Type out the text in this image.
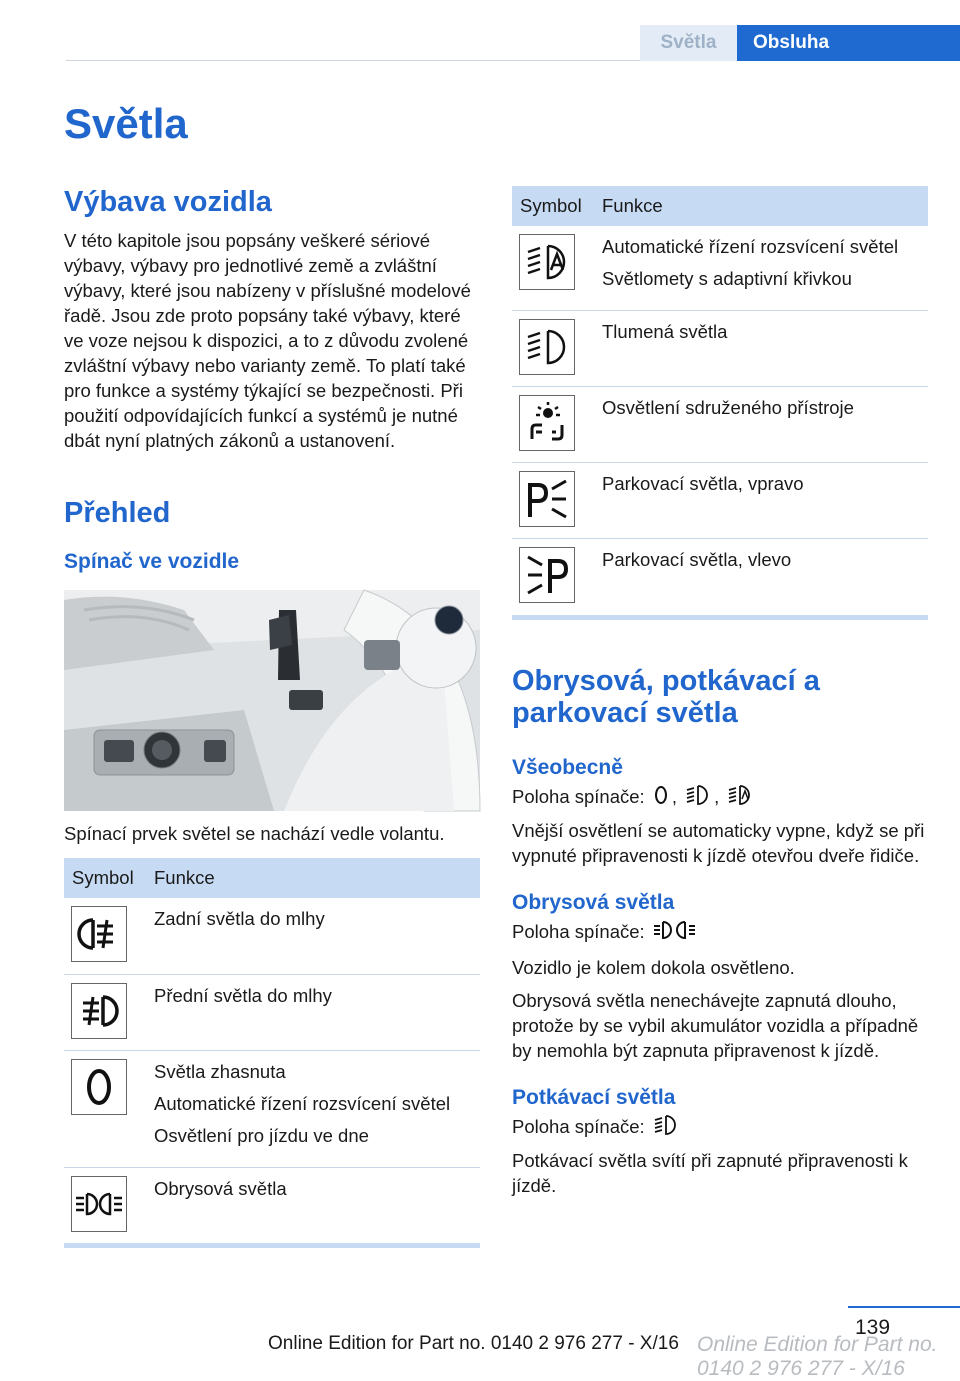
Světla	Obsluha
Světla
Výbava vozidla

V této kapitole jsou popsány veškeré sériové výbavy, výbavy pro jednotlivé země a zvláštní výbavy, které jsou nabízeny v příslušné modelové řadě. Jsou zde proto popsány také výbavy, které ve voze nejsou k dispozici, a to z důvodu zvolené zvláštní výbavy nebo varianty země. To platí také pro funkce a systémy týkající se bezpečnosti. Při použití odpovídajících funkcí a systémů je nutné dbát nyní platných zákonů a ustanovení.

Přehled
Spínač ve vozidle

Spínací prvek světel se nachází vedle volantu.

Symbol	Funkce

Zadní světla do mlhy

Přední světla do mlhy

Světla zhasnuta
Automatické řízení rozsvícení světel
Osvětlení pro jízdu ve dne

Obrysová světla
Symbol	Funkce

Automatické řízení rozsvícení světel
Světlomety s adaptivní křivkou

Tlumená světla

Osvětlení sdruženého přístroje

Parkovací světla, vpravo

Parkovací světla, vlevo
Obrysová, potkávací a parkovací světla
Všeobecně

Poloha spínače: , ,

Vnější osvětlení se automaticky vypne, když se při vypnuté připravenosti k jízdě otevřou dveře řidiče.

Obrysová světla

Poloha spínače:

Vozidlo je kolem dokola osvětleno.

Obrysová světla nenechávejte zapnutá dlouho, protože by se vybil akumulátor vozidla a případně by nemohla být zapnuta připravenost k jízdě.

Potkávací světla

Poloha spínače:

Potkávací světla svítí při zapnuté připravenosti k jízdě.

139
Online Edition for Part no. 0140 2 976 277 - X/16 Online Edition for Part no. 0140 2 976 277 - X/16
